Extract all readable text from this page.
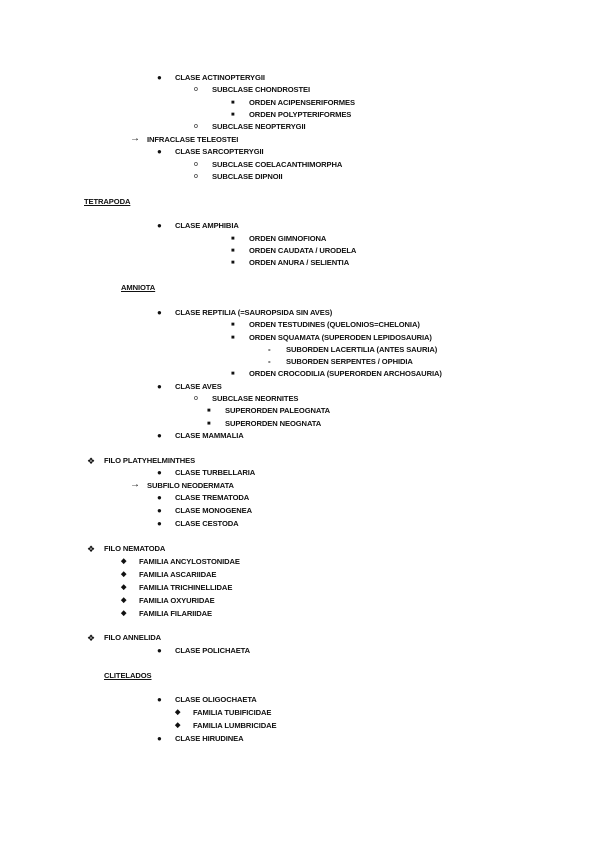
● CLASE ACTINOPTERYGII
o SUBCLASE CHONDROSTEI
■ ORDEN ACIPENSERIFORMES
■ ORDEN POLYPTERIFORMES
o SUBCLASE NEOPTERYGII
→ INFRACLASE TELEOSTEI
● CLASE SARCOPTERYGII
o SUBCLASE COELACANTHIMORPHA
o SUBCLASE DIPNOII
TETRAPODA
● CLASE AMPHIBIA
■ ORDEN GIMNOFIONA
■ ORDEN CAUDATA / URODELA
■ ORDEN ANURA / SELIENTIA
AMNIOTA
● CLASE REPTILIA (=SAUROPSIDA SIN AVES)
■ ORDEN TESTUDINES (QUELONIOS=CHELONIA)
■ ORDEN SQUAMATA (SUPERODEN LEPIDOSAURIA)
- SUBORDEN LACERTILIA (ANTES SAURIA)
- SUBORDEN SERPENTES / OPHIDIA
■ ORDEN CROCODILIA (SUPERORDEN ARCHOSAURIA)
● CLASE AVES
o SUBCLASE NEORNITES
■ SUPERORDEN PALEOGNATA
■ SUPERORDEN NEOGNATA
● CLASE MAMMALIA
❖ FILO PLATYHELMINTHES
● CLASE TURBELLARIA
→ SUBFILO NEODERMATA
● CLASE TREMATODA
● CLASE MONOGENEA
● CLASE CESTODA
❖ FILO NEMATODA
◆ FAMILIA ANCYLOSTONIDAE
◆ FAMILIA ASCARIIDAE
◆ FAMILIA TRICHINELLIDAE
◆ FAMILIA OXYURIDAE
◆ FAMILIA FILARIIDAE
❖ FILO ANNELIDA
● CLASE POLICHAETA
CLITELADOS
● CLASE OLIGOCHAETA
◆ FAMILIA TUBIFICIDAE
◆ FAMILIA LUMBRICIDAE
● CLASE HIRUDINEA
